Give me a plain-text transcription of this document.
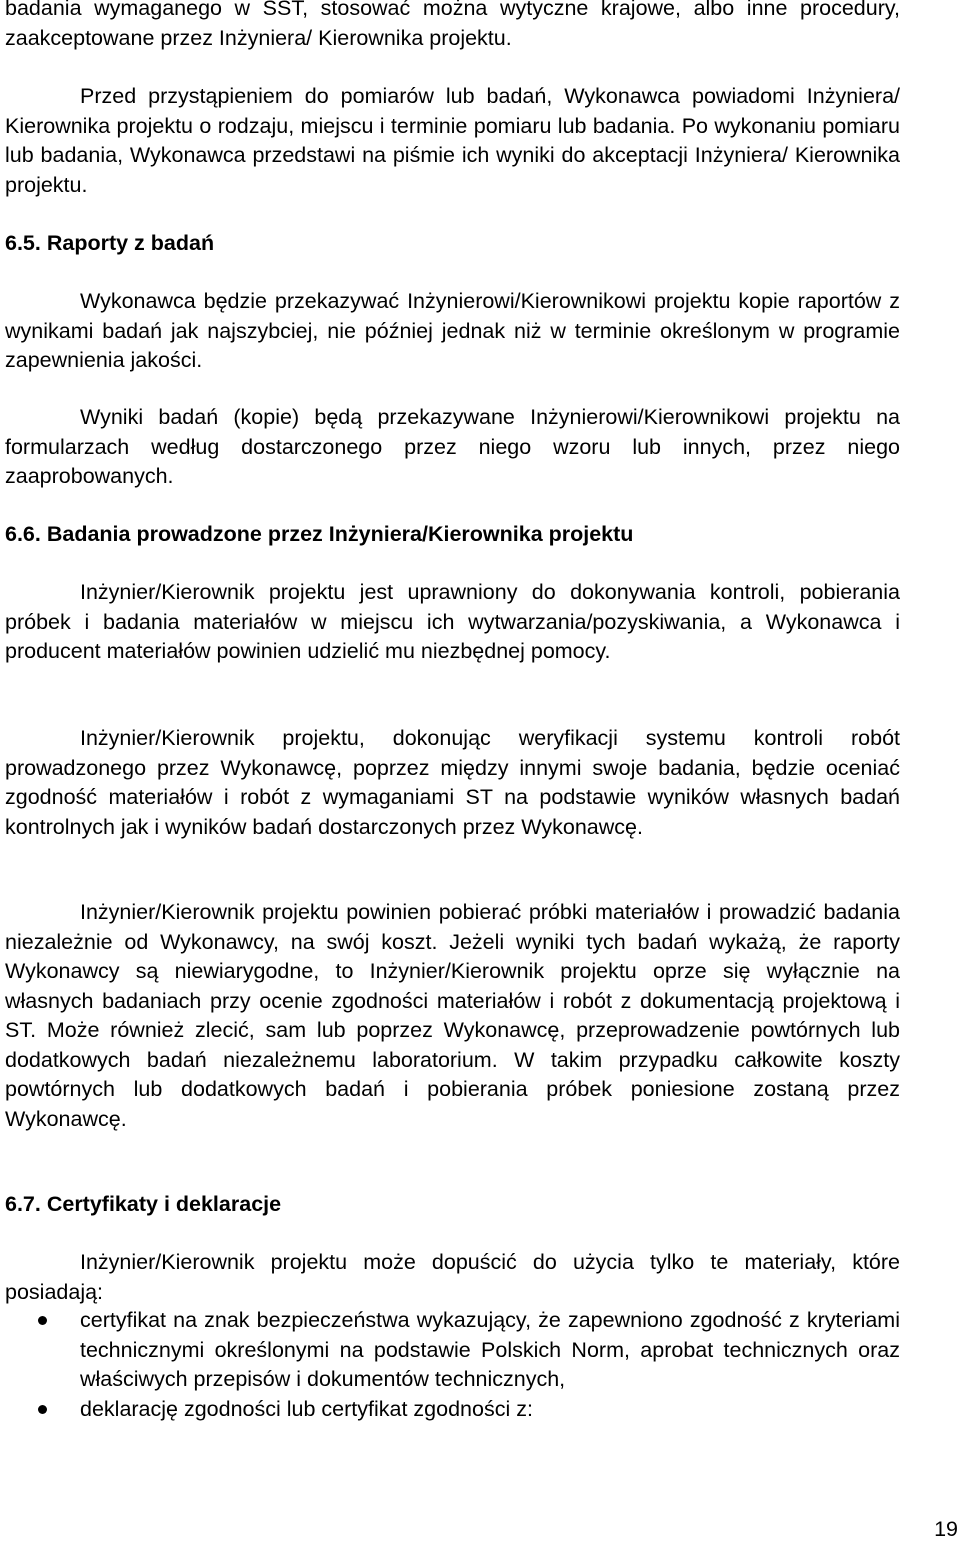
badania wymaganego w SST, stosować można wytyczne krajowe, albo inne procedury, zaakceptowane przez Inżyniera/ Kierownika projektu.

Przed przystąpieniem do pomiarów lub badań, Wykonawca powiadomi Inżyniera/ Kierownika projektu o rodzaju, miejscu i terminie pomiaru lub badania. Po wykonaniu pomiaru lub badania, Wykonawca przedstawi na piśmie ich wyniki do akceptacji Inżyniera/ Kierownika projektu.

6.5. Raporty z badań

Wykonawca będzie przekazywać Inżynierowi/Kierownikowi projektu kopie raportów z wynikami badań jak najszybciej, nie później jednak niż w terminie określonym w programie zapewnienia jakości.

Wyniki badań (kopie) będą przekazywane Inżynierowi/Kierownikowi projektu na formularzach według dostarczonego przez niego wzoru lub innych, przez niego zaaprobowanych.

6.6. Badania prowadzone przez Inżyniera/Kierownika projektu

Inżynier/Kierownik projektu jest uprawniony do dokonywania kontroli, pobierania próbek i badania materiałów w miejscu ich wytwarzania/pozyskiwania, a Wykonawca i producent materiałów powinien udzielić mu niezbędnej pomocy.

Inżynier/Kierownik projektu, dokonując weryfikacji systemu kontroli robót prowadzonego przez Wykonawcę, poprzez między innymi swoje badania, będzie oceniać zgodność materiałów i robót z wymaganiami ST na podstawie wyników własnych badań kontrolnych jak i wyników badań dostarczonych przez Wykonawcę.

Inżynier/Kierownik projektu powinien pobierać próbki materiałów i prowadzić badania niezależnie od Wykonawcy, na swój koszt. Jeżeli wyniki tych badań wykażą, że raporty Wykonawcy są niewiarygodne, to Inżynier/Kierownik projektu oprze się wyłącznie na własnych badaniach przy ocenie zgodności materiałów i robót z dokumentacją projektową i ST. Może również zlecić, sam lub poprzez Wykonawcę, przeprowadzenie powtórnych lub dodatkowych badań niezależnemu laboratorium. W takim przypadku całkowite koszty powtórnych lub dodatkowych badań i pobierania próbek poniesione zostaną przez Wykonawcę.

6.7. Certyfikaty i deklaracje

Inżynier/Kierownik projektu może dopuścić do użycia tylko te materiały, które posiadają:

certyfikat na znak bezpieczeństwa wykazujący, że zapewniono zgodność z kryteriami technicznymi określonymi na podstawie Polskich Norm, aprobat technicznych oraz właściwych przepisów i dokumentów technicznych,
deklarację zgodności lub certyfikat zgodności z:
19
